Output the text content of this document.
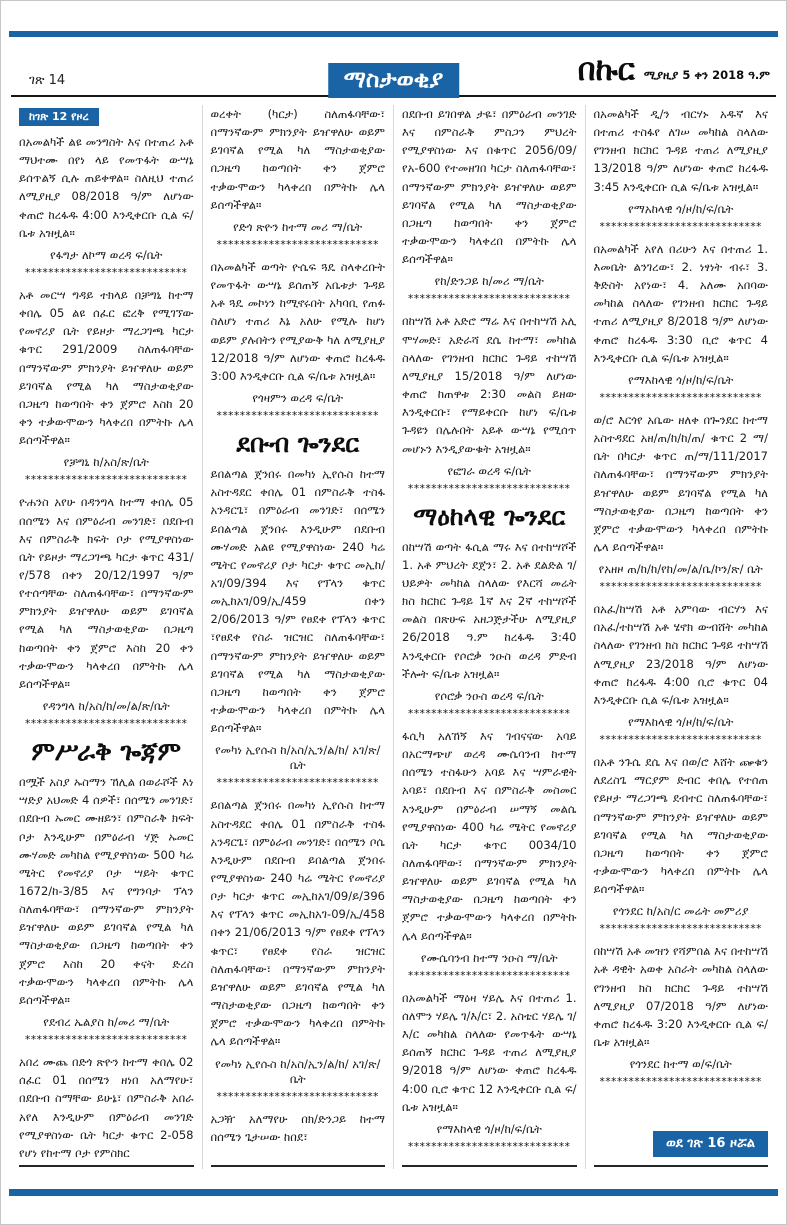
ገጽ 14	ማስታወቂያ	በኩር ሚያዚያ 5 ቀን 2018 ዓ.ም
ከገጽ 12 የዞረ
በአመልካች ልዩ መንግስት እና በተጠሪ አቶ ማህተሙ በየነ ላይ የመጥፋት ውሣኔ ይሰጥልኝ ሲሉ ጠይቀዋል። ስለዚህ ተጠሪ ለሚያዚያ 08/2018 ዓ/ም ለሆነው ቀጠሮ ከረፋዱ 4:00 እንዲቀርቡ ሲል ፍ/ቤቱ አዝዟል።
የፋግታ ለኮማ ወረዳ ፍ/ቤት
****************************
አቶ መርሣ ግዳይ ተክላይ በቻግኒ ከተማ ቀበሌ 05 ልዩ ሰፈር ፎረቅ የሚገኘው የመኖሪያ ቤት የይዞታ ማረጋገጫ ካርታ ቁጥር 291/2009 ስለጠፋባቸው በማንኛውም ምክንያት ይዠዋለሁ ወይም ይገባኛል የሚል ካለ ማስታወቂያው በጋዜጣ ከወጣበት ቀን ጀምሮ እስከ 20 ቀን ተቃውሞውን ካላቀረበ በምትኩ ሌላ ይሰጣችዋል።
የቻግኒ ከ/አስ/ጽ/ቤት
****************************
ዮሐንስ አየሁ በዳንግላ ከተማ ቀበሌ 05 በሰሜን እና በምዕራብ መንገድ፣ በደቡብ እና በምስራቅ ክፍት ቦታ የሚያዋስነው ቤት የይዞታ ማረጋገጫ ካርታ ቁጥር 431/የ/578 በቀን 20/12/1997 ዓ/ም የተሰጣቸው ስለጠፋባቸው፣ በማንኛውም ምክንያት ይዠዋለሁ ወይም ይገባኛል የሚል ካለ ማስታወቂያው በጋዜጣ ከወጣበት ቀን ጀምሮ እስከ 20 ቀን ተቃውሞውን ካላቀረበ በምትኩ ሌላ ይሰጣችዋል።
የዳንግላ ከ/አስ/ከ/መ/ል/ጽ/ቤት
****************************
ምሥራቅ ጐጃም
በሟች አስያ ኡስማን ኸሊል በወራሾች እነ ሣድያ አህመድ 4 ሰዎች፣ በሰሜን መንገድ፣ በደቡብ ኡመር ሙዘይን፣ በምስራቅ ክፍት ቦታ እንዲሁም በምዕራብ ሃጅ ኡመር ሙሃመድ መካከል የሚያዋስነው 500 ካሬ ሜትር የመኖሪያ ቦታ ሣይት ቁጥር 1672/ከ-3/85 እና የግንባታ ፕላን ስለጠፋባቸው፣ በማንኛውም ምክንያት ይዠዋለሁ ወይም ይገባኛል የሚል ካለ ማስታወቂያው በጋዜጣ ከወጣበት ቀን ጀምሮ እስከ 20 ቀናት ድረስ ተቃውሞውን ካላቀረበ በምትኩ ሌላ ይሰጣችዋል።
የደብረ ኤልያስ ከ/መሪ ማ/ቤት
****************************
አበረ ሙጨ በድጎ ጽዮን ከተማ ቀበሌ 02 ሰፈር 01 በሰሜን ዘነበ አለማየሁ፣ በደቡብ ስማቸው ይሁኔ፣ በምስራቅ አበራ አየለ እንዲሁም በምዕራብ መንገድ የሚያዋስነው ቤት ካርታ ቁጥር 2-058 የሆነ የከተማ ቦታ የምስክር
ወረቀት (ካርታ) ስለጠፋባቸው፣ በማንኛውም ምክንያት ይዠዋለሁ ወይም ይገባኛል የሚል ካለ ማስታወቂያው በጋዜጣ ከወጣበት ቀን ጀምሮ ተቃውሞውን ካላቀረበ በምትኩ ሌላ ይሰጣችዋል።
የድጎ ጽዮን ከተማ መሪ ማ/ቤት
****************************
በአመልካች ወጣት ዮሴፍ ጓዴ ስላቀረቡት የመጥፋት ውሣኔ ይሰጠኝ አቤቱታ ጉዳይ አቶ ጓዴ መኮነን ከሚኖሩበት አካባቢ የጠፉ ስለሆነ ተጠሪ እኔ አለሁ የሚሉ ከሆነ ወይም ያሉበትን የሚያውቅ ካለ ለሚያዚያ 12/2018 ዓ/ም ለሆነው ቀጠሮ ከረፋዱ 3:00 እንዲቀርቡ ሲል ፍ/ቤቱ አዝዟል።
የጎዛምን ወረዳ ፍ/ቤት
****************************
ደቡብ ጐንደር
ይበልጣል ጀንበሩ በመካነ ኢየሱስ ከተማ አስተዳደር ቀበሌ 01 በምስራቅ ተስፋ አንዳርጌ፣ በምዕራብ መንገድ፣ በሰሜን ይበልጣል ጀንበሩ እንዲሁም በደቡብ ሙሃመድ አልዩ የሚያዋስነው 240 ካሬ ሜትር የመኖሪያ ቦታ ካርታ ቁጥር መኢከ/አገ/09/394 እና የፕላን ቁጥር መኢከአገ/09/ኢ/459 በቀን 2/06/2013 ዓ/ም የፀደቀ የፕላን ቁጥር ፣የፀደቀ የስራ ዝርዝር ስለጠፋባቸው፣ በማንኛውም ምክንያት ይዠዋለሁ ወይም ይገባኛል የሚል ካለ ማስታወቂያው በጋዜጣ ከወጣበት ቀን ጀምሮ ተቃውሞውን ካላቀረበ በምትኩ ሌላ ይሰጣችዋል።
የመካነ ኢየሱስ ከ/አስ/ኢን/ል/ከ/ አገ/ጽ/ቤት
****************************
ይበልጣል ጀንበሩ በመካነ ኢየሱስ ከተማ አስተዳደር ቀበሌ 01 በምስራቅ ተስፋ አንዳርጌ፣ በምዕራብ መንገድ፣ በሰሜን ቦሴ እንዲሁም በደቡብ ይበልጣል ጀንበሩ የሚያዋስነው 240 ካሬ ሜትር የመኖሪያ ቦታ ካርታ ቁጥር መኢከአገ/09/ይ/396 እና የፕላን ቁጥር መኢከአገ-09/ኢ/458 በቀን 21/06/2013 ዓ/ም የፀደቀ የፕላን ቁጥር፣ የፀደቀ የስራ ዝርዝር ስለጠፋባቸው፣ በማንኛውም ምክንያት ይዠዋለሁ ወይም ይገባኛል የሚል ካለ ማስታወቂያው በጋዜጣ ከወጣበት ቀን ጀምሮ ተቃውሞውን ካላቀረበ በምትኩ ሌላ ይሰጣችዋል።
የመካነ ኢየሱስ ከ/አስ/ኢን/ል/ከ/ አገ/ጽ/ቤት
****************************
አጋዥ አለማየሁ በክ/ድንጋይ ከተማ በሰሜን ጌታሠው ከበደ፣
በደቡብ ይገበዋል ታዬ፣ በምዕራብ መንገድ እና በምስራቅ ምስጋን ምህረት የሚያዋስነው እና በቁጥር 2056/09/ የአ-600 የተመዘገበ ካርታ ስለጠፋባቸው፣ በማንኛውም ምክንያት ይዠዋለሁ ወይም ይገባኛል የሚል ካለ ማስታወቂያው በጋዜጣ ከወጣበት ቀን ጀምሮ ተቃውሞውን ካላቀረበ በምትኩ ሌላ ይሰጣችዋል።
የከ/ድንጋይ ከ/መሪ ማ/ቤት
****************************
በከሣሽ አቶ አድሮ ማሬ እና በተከሣሽ አሊ ሞሃመድ፣ አድራሻ ደሴ ከተማ፣ መካከል ስላለው የገንዘብ ክርክር ጉዳይ ተከሣሽ ለሚያዚያ 15/2018 ዓ/ም ለሆነው ቀጠሮ ከጠዋቱ 2:30 መልስ ይዘው እንዲቀርቡ፣ የማይቀርቡ ከሆነ ፍ/ቤቱ ጉዳዩን በሌሉበት አይቶ ውሣኔ የሚሰጥ መሆኑን እንዲያውቁት አዝዟል።
የፎገራ ወረዳ ፍ/ቤት
****************************
ማዕከላዊ ጐንደር
በከሣሽ ወጣት ፋሲል ማሩ እና በተከሣሾች 1. አቶ ምህረት ደጀን፣ 2. አቶ ደልድል ገ/ህይዎት መካከል ስላለው የእርሻ መሬት ክስ ክርክር ጉዳይ 1ኛ እና 2ኛ ተከሣሾች መልስ በጽሁፍ አዘጋጅታችሁ ለሚያዚያ 26/2018 ዓ.ም ከረፋዱ 3:40 እንዲቀርቡ የሶሮቃ ንዑስ ወረዳ ምድብ ችሎት ፍ/ቤቱ አዝዟል።
የሶሮቃ ንዑስ ወረዳ ፍ/ቤት
****************************
ፋሲካ አለኸኝ እና ገብናናው አባይ በአርማጭሆ ወረዳ ሙሴባንብ ከተማ በሰሜን ተስፋሁን አባይ እና ሣምራዊት አባይ፣ በደቡብ እና በምስራቅ መስመር እንዲሁም በምዕራብ ሠማኝ መልሴ የሚያዋስነው 400 ካሬ ሜትር የመኖሪያ ቤት ካርታ ቁጥር 0034/10 ስለጠፋባቸው፣ በማንኛውም ምክንያት ይዠዋለሁ ወይም ይገባኛል የሚል ካለ ማስታወቂያው በጋዜጣ ከወጣበት ቀን ጀምሮ ተቃውሞውን ካላቀረበ በምትኩ ሌላ ይሰጣችዋል።
የሙሴባንብ ከተማ ንዑስ ማ/ቤት
****************************
በአመልካች ማዕዛ ሃይሌ እና በተጠሪ 1. ሰለሞን ሃይሌ ገ/እ/ር፣ 2. አስቴር ሃይሌ ገ/እ/ር መካከል ስላለው የመጥፋት ውሣኔ ይሰጠኝ ክርክር ጉዳይ ተጠሪ ለሚያዚያ 9/2018 ዓ/ም ለሆነው ቀጠሮ ከረፋዱ 4:00 ቢሮ ቁጥር 12 እንዲቀርቡ ሲል ፍ/ቤቱ አዝዟል።
የማእከላዊ ጎ/ዞ/ከ/ፍ/ቤት
****************************
በአመልካች ዲ/ን ብርሃኑ አዱኛ እና በተጠሪ ተስፋየ ለገሠ መካከል ስላለው የገንዘብ ክርክር ጉዳይ ተጠሪ ለሚያዚያ 13/2018 ዓ/ም ለሆነው ቀጠሮ ከረፋዱ 3:45 እንዲቀርቡ ሲል ፍ/ቤቱ አዝዟል።
የማአከላዊ ጎ/ዞ/ከ/ፍ/ቤት
****************************
በአመልካች አየለ በሪሁን እና በተጠሪ 1. እመቤት ልንገረው፣ 2. ነፃነት ብሩ፣ 3. ቅድስት አየነው፣ 4. አለሙ አበባው መካከል ስላለው የገንዘብ ክርክር ጉዳይ ተጠሪ ለሚያዚያ 8/2018 ዓ/ም ለሆነው ቀጠሮ ከረፋዱ 3:30 ቢሮ ቁጥር 4 እንዲቀርቡ ሲል ፍ/ቤቱ አዝዟል።
የማእከላዊ ጎ/ዞ/ከ/ፍ/ቤት
****************************
ወ/ሮ እርጎየ አቤው ዘለቀ በጐንደር ከተማ አስተዳደር አዘ/ጠ/ከ/ከ/ጠ/ ቁጥር 2 ማ/ቤት በካርታ ቁጥር ጠ/ማ/111/2017 ስለጠፋባቸው፣ በማንኛውም ምክንያት ይዠዋለሁ ወይም ይገባኛል የሚል ካለ ማስታወቂያው በጋዜጣ ከወጣበት ቀን ጀምሮ ተቃውሞውን ካላቀረበ በምትኩ ሌላ ይሰጣችዋል።
የአዘዞ ጠ/ከ/ከ/የከ/መ/ል/ቤ/ኮን/ጽ/ ቤት
****************************
በአፈ/ከሣሽ አቶ አምባው ብርሃን እና በአፈ/ተከሣሽ አቶ ሄኖክ ውብሸት መካከል ስላለው የገንዘብ ክስ ክርክር ጉዳይ ተከሣሽ ለሚያዚያ 23/2018 ዓ/ም ለሆነው ቀጠሮ ከረፋዱ 4:00 ቢሮ ቁጥር 04 እንዲቀርቡ ሲል ፍ/ቤቱ አዝዟል።
የማእከላዊ ጎ/ዞ/ከ/ፍ/ቤት
****************************
በአቶ ንጉሴ ደሴ እና በወ/ሮ እሸት ጬቁን ለደረስጌ ማርያም ድብር ቀበሌ የተሰጠ የይዞታ ማረጋገጫ ደብተር ስለጠፋባቸው፣ በማንኛውም ምክንያት ይዠዋለሁ ወይም ይገባኛል የሚል ካለ ማስታወቂያው በጋዜጣ ከወጣበት ቀን ጀምሮ ተቃውሞውን ካላቀረበ በምትኩ ሌላ ይሰጣችዋል።
የጎንደር ከ/አስ/ር መሬት መምሪያ
****************************
በከሣሽ አቶ መዝን የሻምበል እና በተከሣሽ አቶ ዳዊት አወቀ አስራት መካከል ስላለው የገንዘብ ክስ ክርክር ጉዳይ ተከሣሽ ለሚያዚያ 07/2018 ዓ/ም ለሆነው ቀጠሮ ከረፋዱ 3:20 እንዲቀርቡ ሲል ፍ/ቤቱ አዝዟል።
የጎንደር ከተማ ወ/ፍ/ቤት
****************************
ወደ ገጽ 16 ዞሯል
